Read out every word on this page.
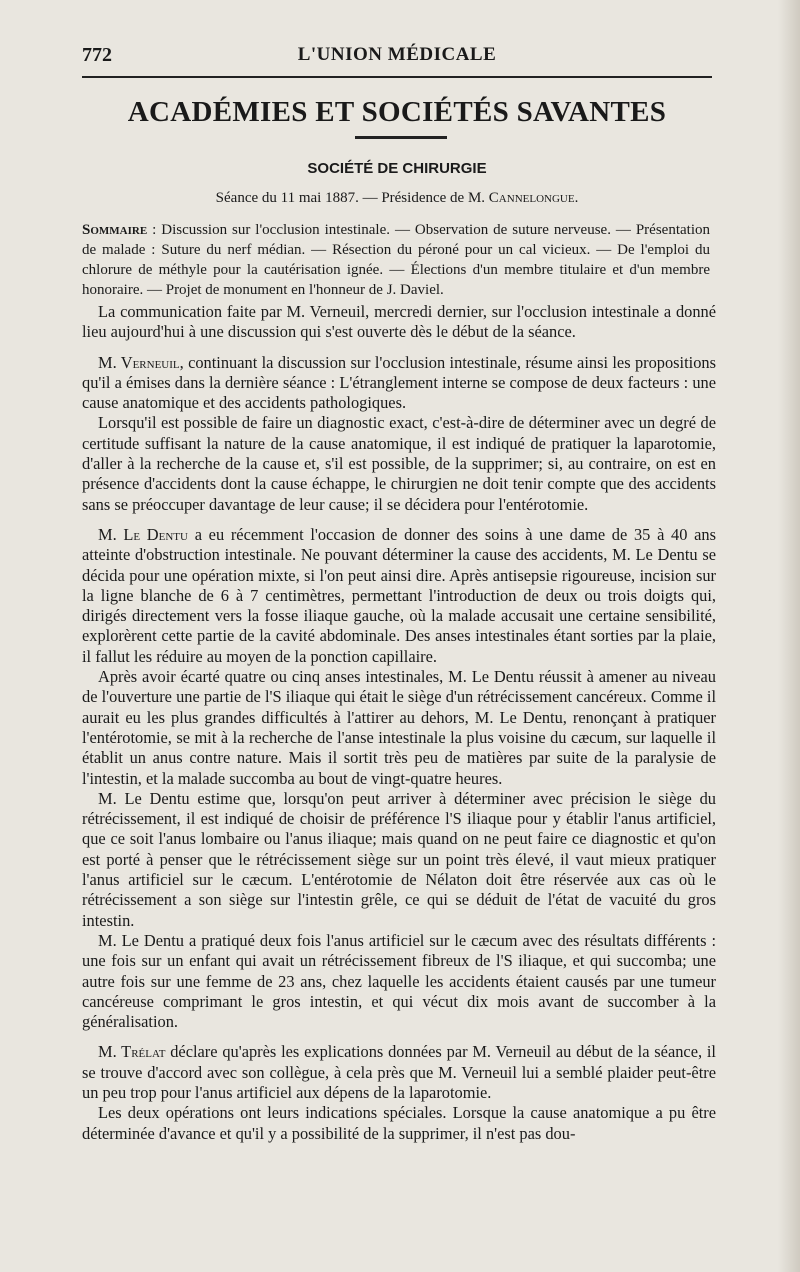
772	L'UNION MÉDICALE
ACADÉMIES ET SOCIÉTÉS SAVANTES
SOCIÉTÉ DE CHIRURGIE
Séance du 11 mai 1887. — Présidence de M. Cannelongue.
Sommaire : Discussion sur l'occlusion intestinale. — Observation de suture nerveuse. — Présentation de malade : Suture du nerf médian. — Résection du péroné pour un cal vicieux. — De l'emploi du chlorure de méthyle pour la cautérisation ignée. — Élections d'un membre titulaire et d'un membre honoraire. — Projet de monument en l'honneur de J. Daviel.

La communication faite par M. Verneuil, mercredi dernier, sur l'occlusion intestinale a donné lieu aujourd'hui à une discussion qui s'est ouverte dès le début de la séance.

M. Verneuil, continuant la discussion sur l'occlusion intestinale, résume ainsi les propositions qu'il a émises dans la dernière séance : L'étranglement interne se compose de deux facteurs : une cause anatomique et des accidents pathologiques.

Lorsqu'il est possible de faire un diagnostic exact, c'est-à-dire de déterminer avec un degré de certitude suffisant la nature de la cause anatomique, il est indiqué de pratiquer la laparotomie, d'aller à la recherche de la cause et, s'il est possible, de la supprimer; si, au contraire, on est en présence d'accidents dont la cause échappe, le chirurgien ne doit tenir compte que des accidents sans se préoccuper davantage de leur cause; il se décidera pour l'entérotomie.

M. Le Dentu a eu récemment l'occasion de donner des soins à une dame de 35 à 40 ans atteinte d'obstruction intestinale. Ne pouvant déterminer la cause des accidents, M. Le Dentu se décida pour une opération mixte, si l'on peut ainsi dire. Après antisepsie rigoureuse, incision sur la ligne blanche de 6 à 7 centimètres, permettant l'introduction de deux ou trois doigts qui, dirigés directement vers la fosse iliaque gauche, où la malade accusait une certaine sensibilité, explorèrent cette partie de la cavité abdominale. Des anses intestinales étant sorties par la plaie, il fallut les réduire au moyen de la ponction capillaire.

Après avoir écarté quatre ou cinq anses intestinales, M. Le Dentu réussit à amener au niveau de l'ouverture une partie de l'S iliaque qui était le siège d'un rétrécissement cancéreux. Comme il aurait eu les plus grandes difficultés à l'attirer au dehors, M. Le Dentu, renonçant à pratiquer l'entérotomie, se mit à la recherche de l'anse intestinale la plus voisine du cæcum, sur laquelle il établit un anus contre nature. Mais il sortit très peu de matières par suite de la paralysie de l'intestin, et la malade succomba au bout de vingt-quatre heures.

M. Le Dentu estime que, lorsqu'on peut arriver à déterminer avec précision le siège du rétrécissement, il est indiqué de choisir de préférence l'S iliaque pour y établir l'anus artificiel, que ce soit l'anus lombaire ou l'anus iliaque; mais quand on ne peut faire ce diagnostic et qu'on est porté à penser que le rétrécissement siège sur un point très élevé, il vaut mieux pratiquer l'anus artificiel sur le cæcum. L'entérotomie de Nélaton doit être réservée aux cas où le rétrécissement a son siège sur l'intestin grêle, ce qui se déduit de l'état de vacuité du gros intestin.

M. Le Dentu a pratiqué deux fois l'anus artificiel sur le cæcum avec des résultats différents : une fois sur un enfant qui avait un rétrécissement fibreux de l'S iliaque, et qui succomba; une autre fois sur une femme de 23 ans, chez laquelle les accidents étaient causés par une tumeur cancéreuse comprimant le gros intestin, et qui vécut dix mois avant de succomber à la généralisation.

M. Trélat déclare qu'après les explications données par M. Verneuil au début de la séance, il se trouve d'accord avec son collègue, à cela près que M. Verneuil lui a semblé plaider peut-être un peu trop pour l'anus artificiel aux dépens de la laparotomie.

Les deux opérations ont leurs indications spéciales. Lorsque la cause anatomique a pu être déterminée d'avance et qu'il y a possibilité de la supprimer, il n'est pas dou-
